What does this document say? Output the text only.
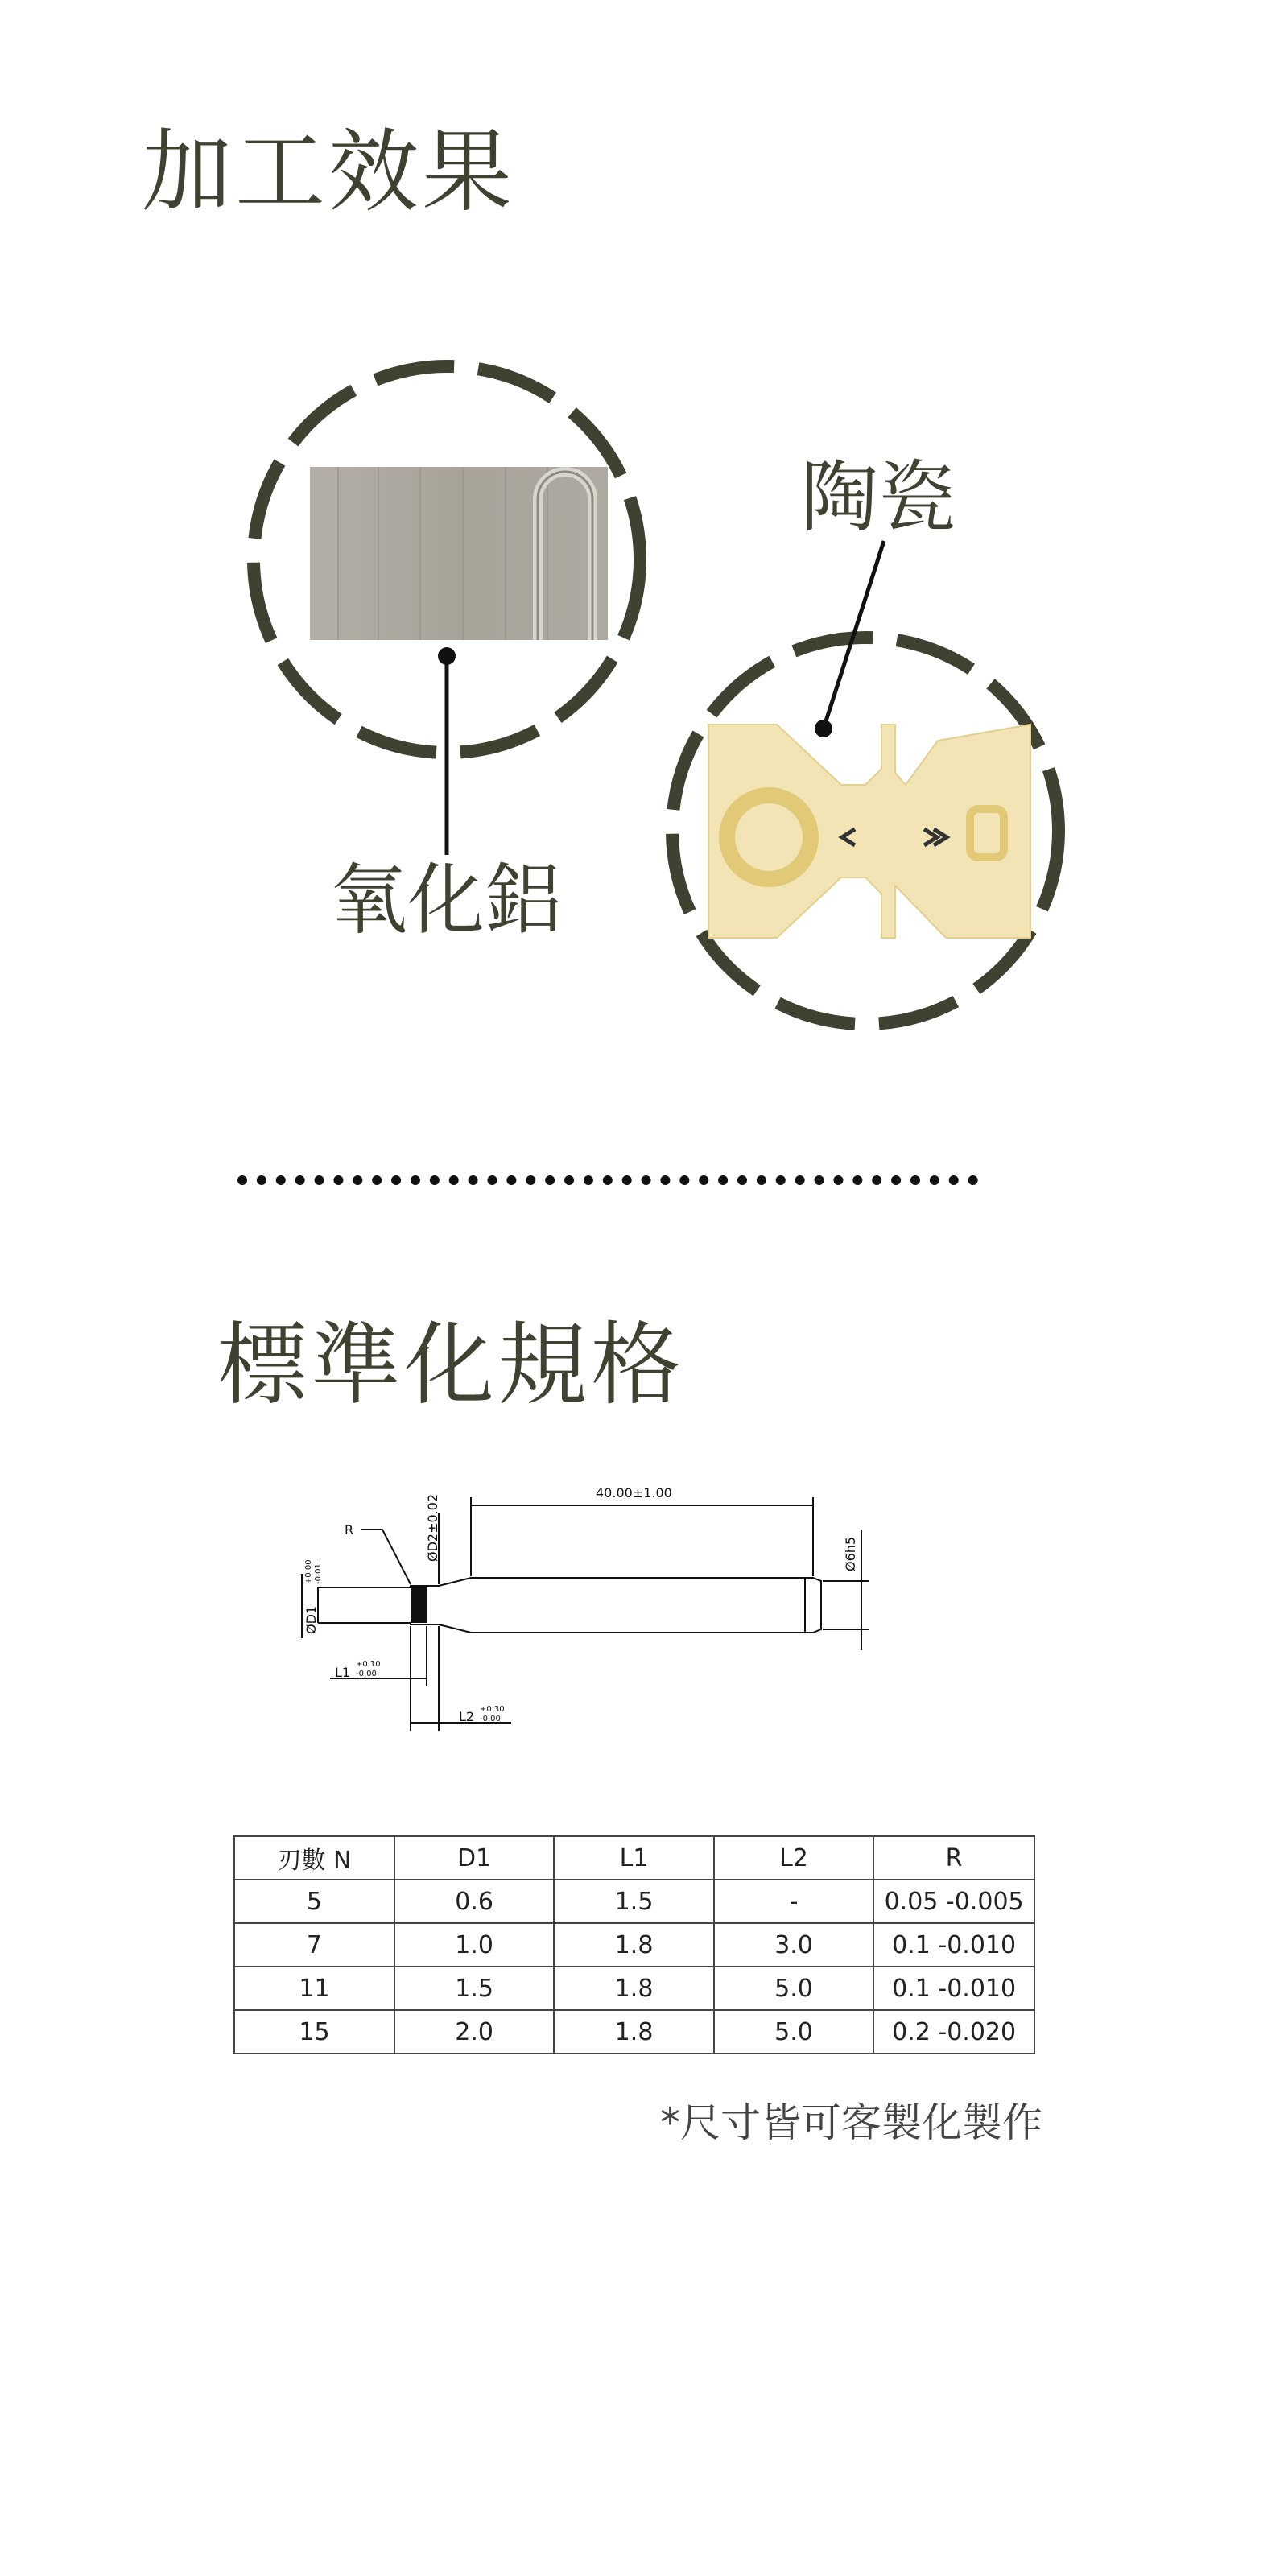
加工效果
氧化鋁
陶瓷
標準化規格
40.00±1.00
ØD2±0.02	Ø6h5
R
ØD1
L1
L2
+0.00 -0.01
+0.10
-0.00
+0.30
-0.00
刃數 N	D1	L1	L2	R
5	0.6	1.5	-	0.05 -0.005
7	1.0	1.8	3.0	0.1 -0.010
11	1.5	1.8	5.0	0.1 -0.010
15	2.0	1.8	5.0	0.2 -0.020
*尺寸皆可客製化製作
